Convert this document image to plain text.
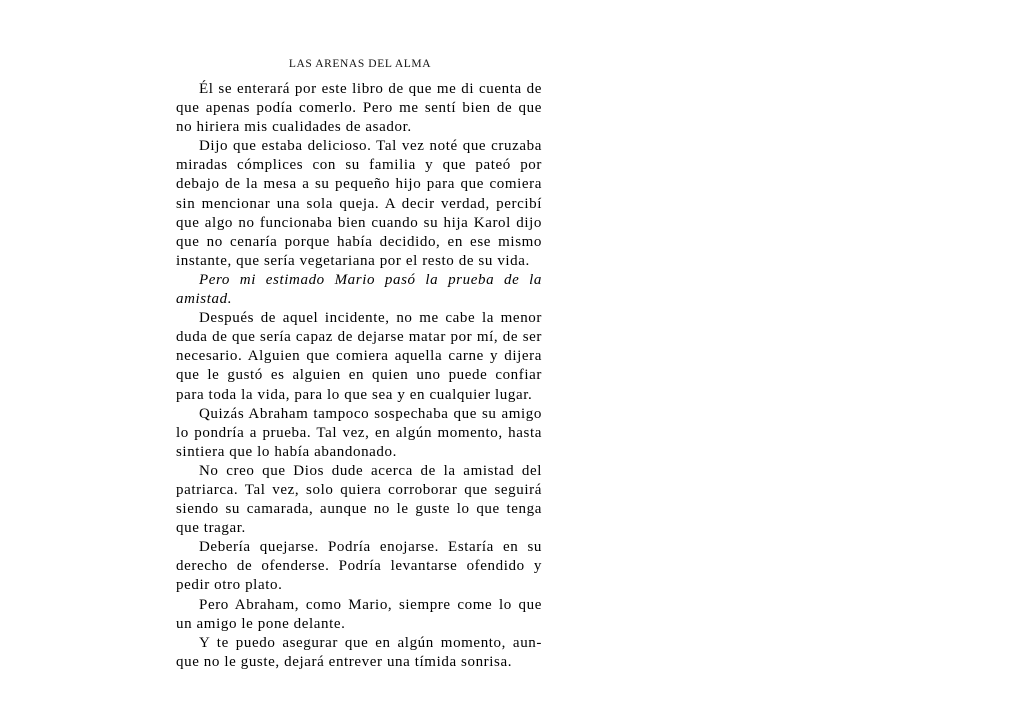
LAS ARENAS DEL ALMA

Él se enterará por este libro de que me di cuenta de que apenas podía comerlo. Pero me sentí bien de que no hiriera mis cualidades de asador.

Dijo que estaba delicioso. Tal vez noté que cruzaba miradas cómplices con su familia y que pateó por debajo de la mesa a su pequeño hijo para que comiera sin mencionar una sola queja. A decir verdad, percibí que algo no funcionaba bien cuando su hija Karol dijo que no cenaría porque había decidido, en ese mismo instante, que sería vegetariana por el resto de su vida.

Pero mi estimado Mario pasó la prueba de la amistad.

Después de aquel incidente, no me cabe la menor duda de que sería capaz de dejarse matar por mí, de ser necesario. Alguien que comiera aquella carne y dijera que le gustó es alguien en quien uno puede confiar para toda la vida, para lo que sea y en cualquier lugar.

Quizás Abraham tampoco sospechaba que su amigo lo pondría a prueba. Tal vez, en algún momento, hasta sintiera que lo había abandonado.

No creo que Dios dude acerca de la amistad del patriarca. Tal vez, solo quiera corroborar que seguirá siendo su camarada, aunque no le guste lo que tenga que tragar.

Debería quejarse. Podría enojarse. Estaría en su derecho de ofenderse. Podría levantarse ofendido y pedir otro plato.

Pero Abraham, como Mario, siempre come lo que un amigo le pone delante.

Y te puedo asegurar que en algún momento, aun-que no le guste, dejará entrever una tímida sonrisa.
